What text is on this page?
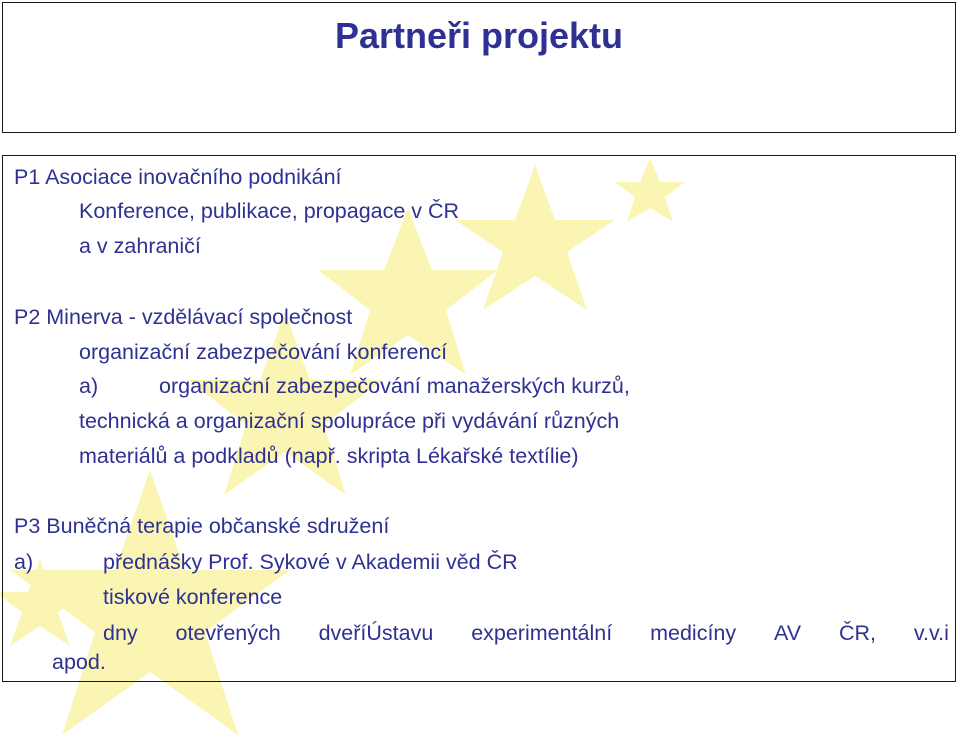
Partneři projektu
P1 Asociace inovačního podnikání
Konference, publikace, propagace v ČR
a v zahraničí
P2 Minerva - vzdělávací společnost
organizační zabezpečování konferencí
a)	organizační zabezpečování manažerských kurzů,
technická a organizační spolupráce při vydávání různých
materiálů a podkladů (např. skripta Lékařské textílie)
P3 Buněčná terapie občanské sdružení
a)	přednášky Prof. Sykové v Akademii věd ČR
tiskové konference
dny otevřených dveříÚstavu experimentální medicíny AV ČR, v.v.i
apod.
